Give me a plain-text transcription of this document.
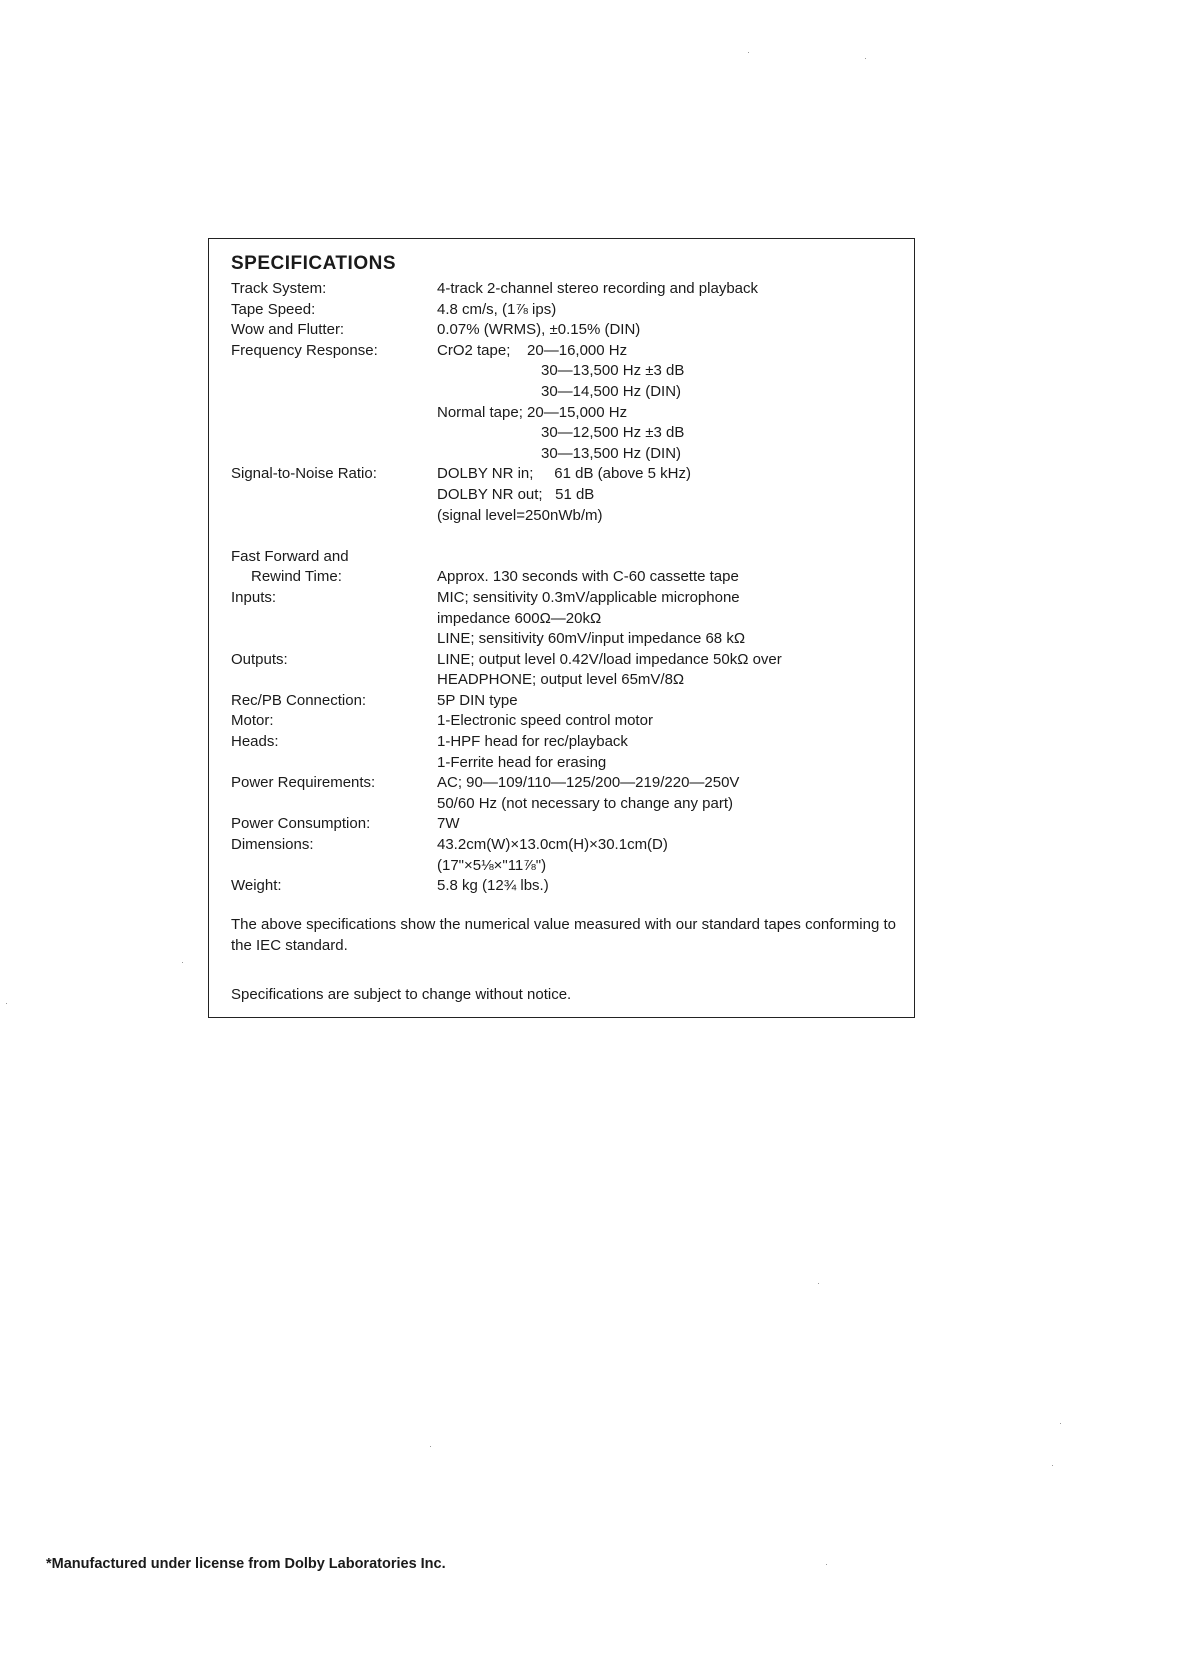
SPECIFICATIONS
Track System:	4-track 2-channel stereo recording and playback
Tape Speed:	4.8 cm/s, (1⅞ ips)
Wow and Flutter:	0.07% (WRMS), ±0.15% (DIN)
Frequency Response:	CrO2 tape;    20—16,000 Hz
30—13,500 Hz ±3 dB
30—14,500 Hz (DIN)
Normal tape; 20—15,000 Hz
30—12,500 Hz ±3 dB
30—13,500 Hz (DIN)
Signal-to-Noise Ratio:	DOLBY NR in;     61 dB (above 5 kHz)
DOLBY NR out;   51 dB
(signal level=250nWb/m)
Fast Forward and
Rewind Time:	Approx. 130 seconds with C-60 cassette tape
Inputs:	MIC; sensitivity 0.3mV/applicable microphone
impedance 600Ω—20kΩ
LINE; sensitivity 60mV/input impedance 68 kΩ
Outputs:	LINE; output level 0.42V/load impedance 50kΩ over
HEADPHONE; output level 65mV/8Ω
Rec/PB Connection:	5P DIN type
Motor:	1-Electronic speed control motor
Heads:	1-HPF head for rec/playback
1-Ferrite head for erasing
Power Requirements:	AC; 90—109/110—125/200—219/220—250V
50/60 Hz (not necessary to change any part)
Power Consumption:	7W
Dimensions:	43.2cm(W)×13.0cm(H)×30.1cm(D)
(17"×5⅛×"11⅞")
Weight:	5.8 kg (12¾ lbs.)

The above specifications show the numerical value measured with our standard tapes conforming to the IEC standard.

Specifications are subject to change without notice.

*Manufactured under license from Dolby Laboratories Inc.
